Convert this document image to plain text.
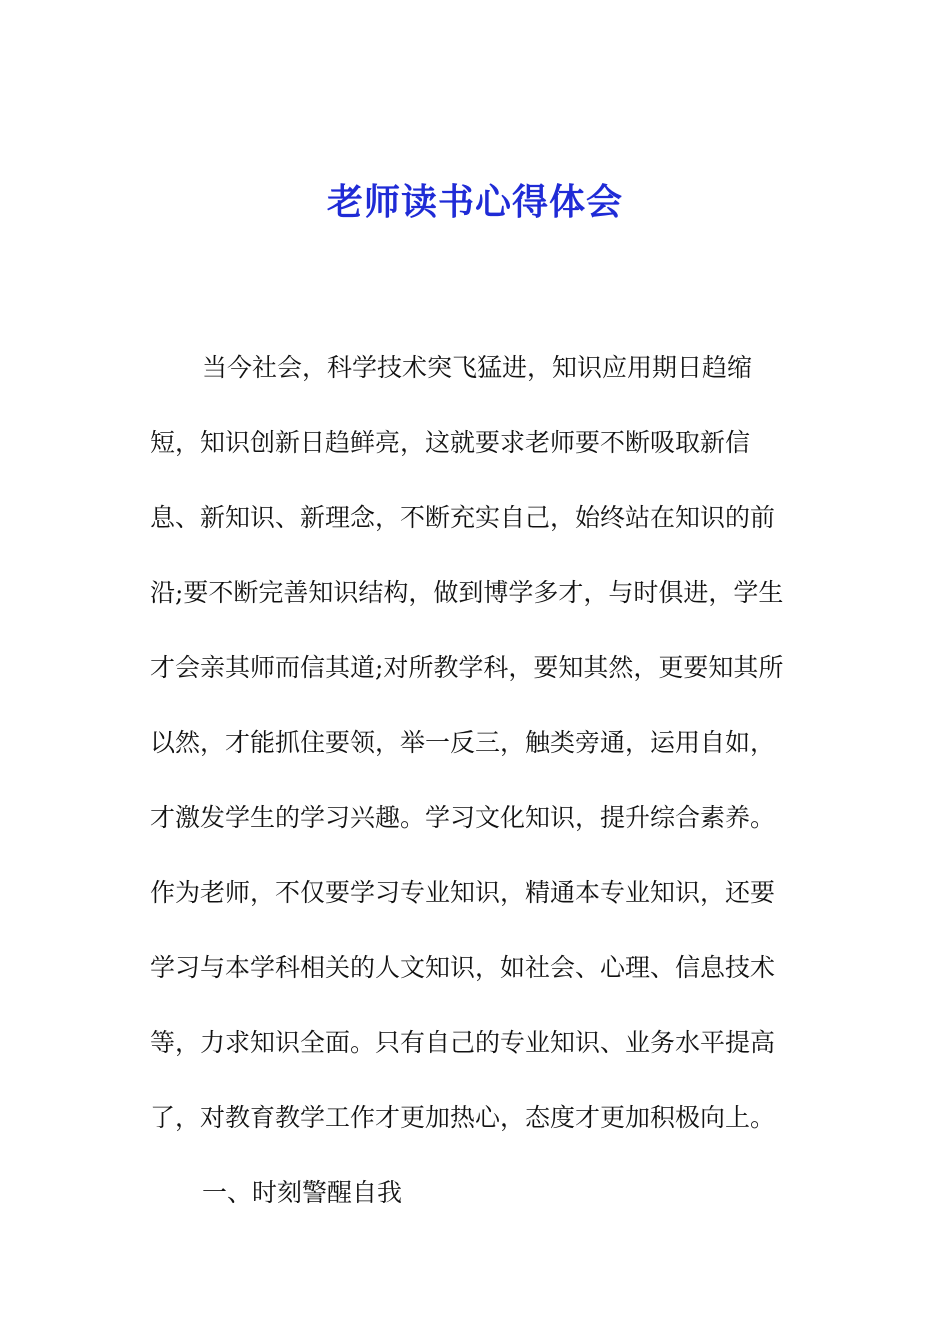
老师读书心得体会
当今社会，科学技术突飞猛进，知识应用期日趋缩
短，知识创新日趋鲜亮，这就要求老师要不断吸取新信
息、新知识、新理念，不断充实自己，始终站在知识的前
沿;要不断完善知识结构，做到博学多才，与时俱进，学生
才会亲其师而信其道;对所教学科，要知其然，更要知其所
以然，才能抓住要领，举一反三，触类旁通，运用自如，
才激发学生的学习兴趣。学习文化知识，提升综合素养。
作为老师，不仅要学习专业知识，精通本专业知识，还要
学习与本学科相关的人文知识，如社会、心理、信息技术
等，力求知识全面。只有自己的专业知识、业务水平提高
了，对教育教学工作才更加热心，态度才更加积极向上。
一、时刻警醒自我
